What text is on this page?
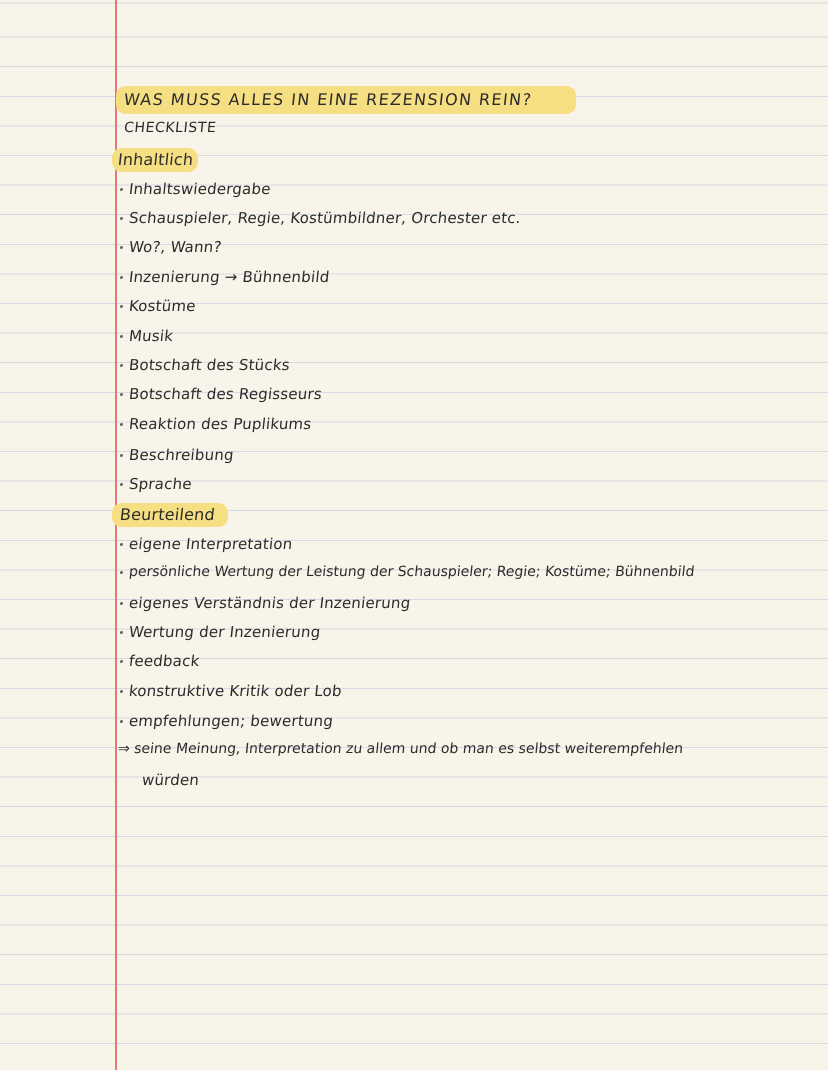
WAS MUSS ALLES IN EINE REZENSION REIN?
CHECKLISTE
Inhaltlich
Inhaltswiedergabe
Schauspieler, Regie, Kostümbildner, Orchester etc.
Wo?, Wann?
Inzenierung → Bühnenbild
Kostüme
Musik
Botschaft des Stücks
Botschaft des Regisseurs
Reaktion des Puplikums
Beschreibung
Sprache
Beurteilend
eigene Interpretation
persönliche Wertung der Leistung der Schauspieler; Regie; Kostüme; Bühnenbild
eigenes Verständnis der Inzenierung
Wertung der Inzenierung
feedback
konstruktive Kritik oder Lob
empfehlungen; bewertung
⇒ seine Meinung, Interpretation zu allem und ob man es selbst weiterempfehlen
würden
